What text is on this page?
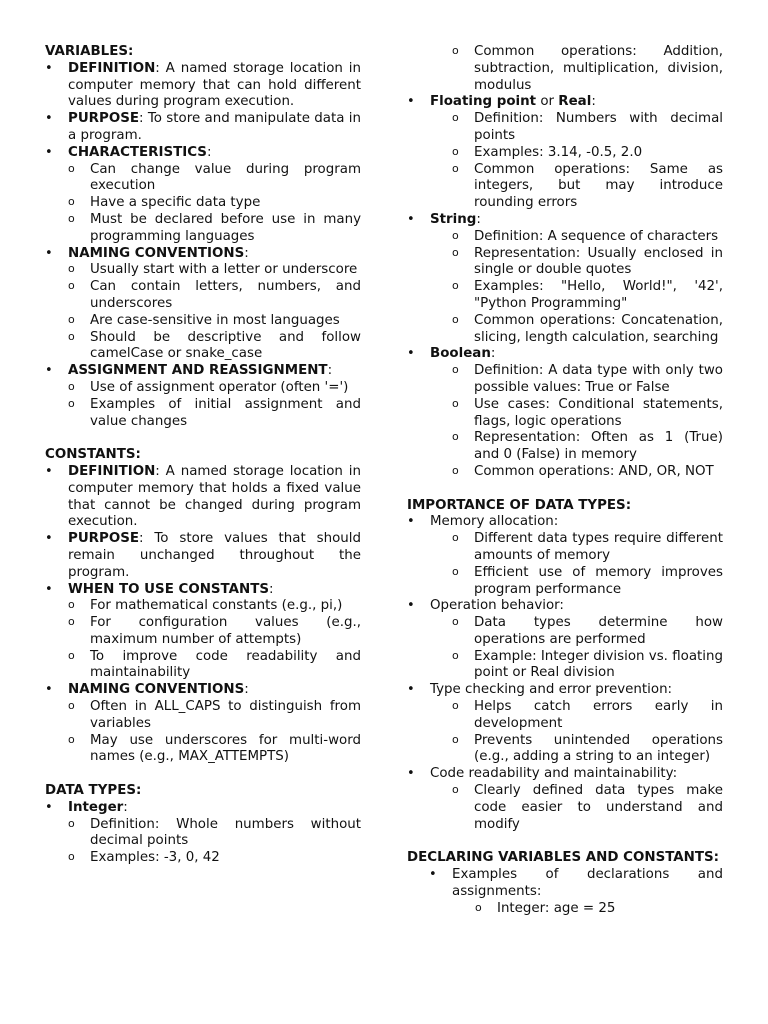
VARIABLES:

• DEFINITION: A named storage location in computer memory that can hold different values during program execution.
• PURPOSE: To store and manipulate data in a program.
• CHARACTERISTICS:
o Can change value during program execution
o Have a specific data type
o Must be declared before use in many programming languages
• NAMING CONVENTIONS:
o Usually start with a letter or underscore
o Can contain letters, numbers, and underscores
o Are case-sensitive in most languages
o Should be descriptive and follow camelCase or snake_case
• ASSIGNMENT AND REASSIGNMENT:
o Use of assignment operator (often '=')
o Examples of initial assignment and value changes

CONSTANTS:

• DEFINITION: A named storage location in computer memory that holds a fixed value that cannot be changed during program execution.
• PURPOSE: To store values that should remain unchanged throughout the program.
• WHEN TO USE CONSTANTS:
o For mathematical constants (e.g., pi,)
o For configuration values (e.g., maximum number of attempts)
o To improve code readability and maintainability
• NAMING CONVENTIONS:
o Often in ALL_CAPS to distinguish from variables
o May use underscores for multi-word names (e.g., MAX_ATTEMPTS)

DATA TYPES:

• Integer:
o Definition: Whole numbers without decimal points
o Examples: -3, 0, 42
o Common operations: Addition, subtraction, multiplication, division, modulus
• Floating point or Real:
o Definition: Numbers with decimal points
o Examples: 3.14, -0.5, 2.0
o Common operations: Same as integers, but may introduce rounding errors
• String:
o Definition: A sequence of characters
o Representation: Usually enclosed in single or double quotes
o Examples: "Hello, World!", '42', "Python Programming"
o Common operations: Concatenation, slicing, length calculation, searching
• Boolean:
o Definition: A data type with only two possible values: True or False
o Use cases: Conditional statements, flags, logic operations
o Representation: Often as 1 (True) and 0 (False) in memory
o Common operations: AND, OR, NOT

IMPORTANCE OF DATA TYPES:

• Memory allocation:
o Different data types require different amounts of memory
o Efficient use of memory improves program performance
• Operation behavior:
o Data types determine how operations are performed
o Example: Integer division vs. floating point or Real division
• Type checking and error prevention:
o Helps catch errors early in development
o Prevents unintended operations (e.g., adding a string to an integer)
• Code readability and maintainability:
o Clearly defined data types make code easier to understand and modify

DECLARING VARIABLES AND CONSTANTS:

• Examples of declarations and assignments:
o Integer: age = 25
